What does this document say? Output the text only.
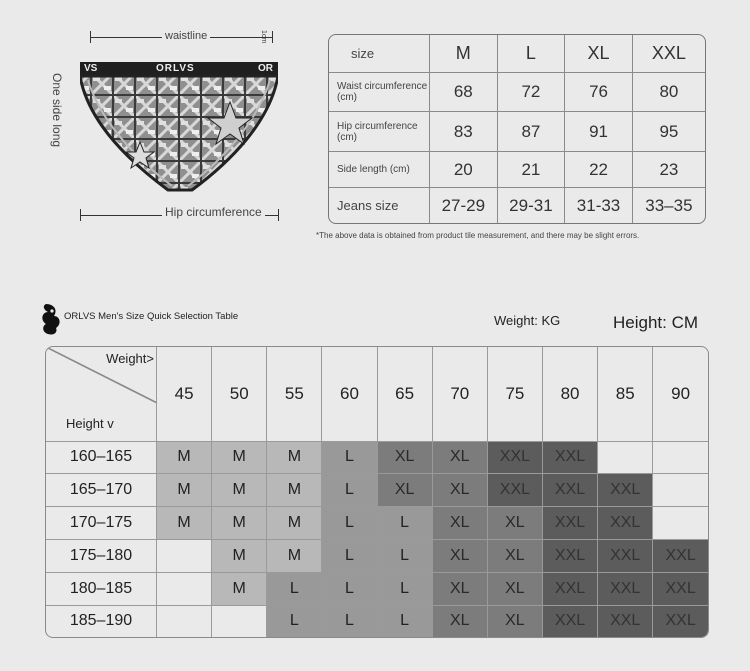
waistline	1cm
One side long
VS	ORLVS	OR
Hip circumference
size	M	L	XL	XXL
Waist circumference (cm)	68	72	76	80
Hip circumference (cm)	83	87	91	95
Side length (cm)	20	21	22	23
Jeans size	27-29	29-31	31-33	33–35
*The above data is obtained from product tile measurement, and there may be slight errors.
ORLVS Men's Size Quick Selection Table	Weight: KG	Height: CM
Weight>
Height v	45	50	55	60	65	70	75	80	85	90
160–165	M	M	M	L	XL	XL	XXL	XXL		
165–170	M	M	M	L	XL	XL	XXL	XXL	XXL	
170–175	M	M	M	L	L	XL	XL	XXL	XXL	
175–180		M	M	L	L	XL	XL	XXL	XXL	XXL
180–185		M	L	L	L	XL	XL	XXL	XXL	XXL
185–190			L	L	L	XL	XL	XXL	XXL	XXL
